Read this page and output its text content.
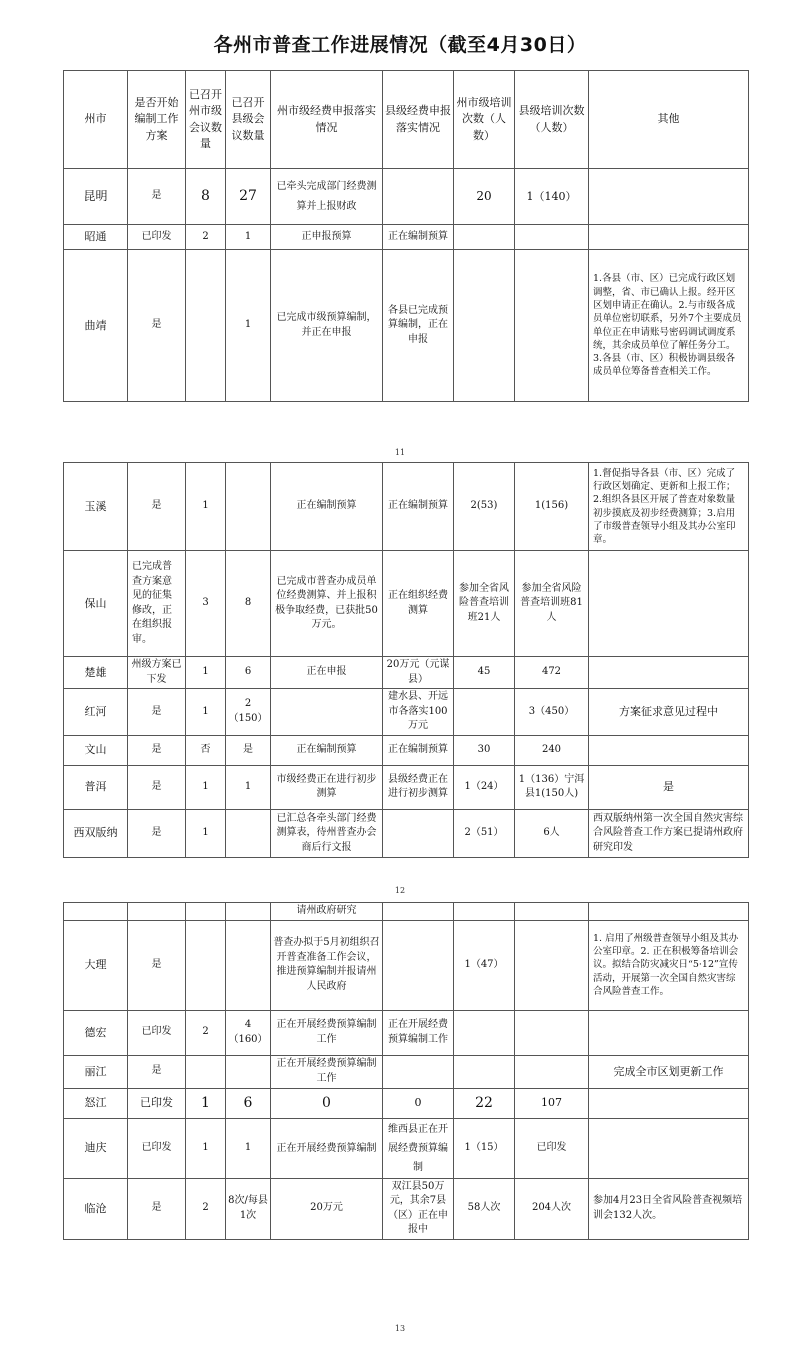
各州市普查工作进展情况（截至4月30日）
州市	是否开始编制工作方案	已召开州市级会议数量	已召开县级会议数量	州市级经费申报落实情况	县级经费申报落实情况	州市级培训次数（人数）	县级培训次数（人数）	其他
昆明	是	8	27	已牵头完成部门经费测算并上报财政		20	1（140）	
昭通	已印发	2	1	正申报预算	正在编制预算			
曲靖	是		1	已完成市级预算编制，并正在申报	各县已完成预算编制，正在申报			1.各县（市、区）已完成行政区划调整，省、市已确认上报。经开区区划申请正在确认。2.与市级各成员单位密切联系，另外7个主要成员单位正在申请账号密码调试调度系统，其余成员单位了解任务分工。3.各县（市、区）积极协调县级各成员单位筹备普查相关工作。
11
玉溪	是	1		正在编制预算	正在编制预算	2(53)	1(156)	1.督促指导各县（市、区）完成了行政区划确定、更新和上报工作；2.组织各县区开展了普查对象数量初步摸底及初步经费测算；3.启用了市级普查领导小组及其办公室印章。
保山	已完成普查方案意见的征集修改，正在组织报审。	3	8	已完成市普查办成员单位经费测算、并上报积极争取经费，已获批50万元。	正在组织经费测算	参加全省风险普查培训班21人	参加全省风险普查培训班81人	
楚雄	州级方案已下发	1	6	正在申报	20万元（元谋县）	45	472	
红河	是	1	2（150）		建水县、开远市各落实100万元		3（450）	方案征求意见过程中
文山	是	否	是	正在编制预算	正在编制预算	30	240	
普洱	是	1	1	市级经费正在进行初步测算	县级经费正在进行初步测算	1（24）	1（136）宁洱县1(150人)	是
西双版纳	是	1		已汇总各牵头部门经费测算表，待州普查办会商后行文报		2（51）	6人	西双版纳州第一次全国自然灾害综合风险普查工作方案已提请州政府研究印发
12
				请州政府研究				
大理	是			普查办拟于5月初组织召开普查准备工作会议，推进预算编制并报请州人民政府		1（47）		1. 启用了州级普查领导小组及其办公室印章。2. 正在积极筹备培训会议。拟结合防灾减灾日“5·12”宣传活动，开展第一次全国自然灾害综合风险普查工作。
德宏	已印发	2	4（160）	正在开展经费预算编制工作	正在开展经费预算编制工作			
丽江	是			正在开展经费预算编制工作				完成全市区划更新工作
怒江	已印发	1	6	0	0	22	107	
迪庆	已印发	1	1	正在开展经费预算编制	维西县正在开展经费预算编制	1（15）	已印发	
临沧	是	2	8次/每县1次	20万元	双江县50万元，其余7县（区）正在申报中	58人次	204人次	参加4月23日全省风险普查视频培训会132人次。
13
